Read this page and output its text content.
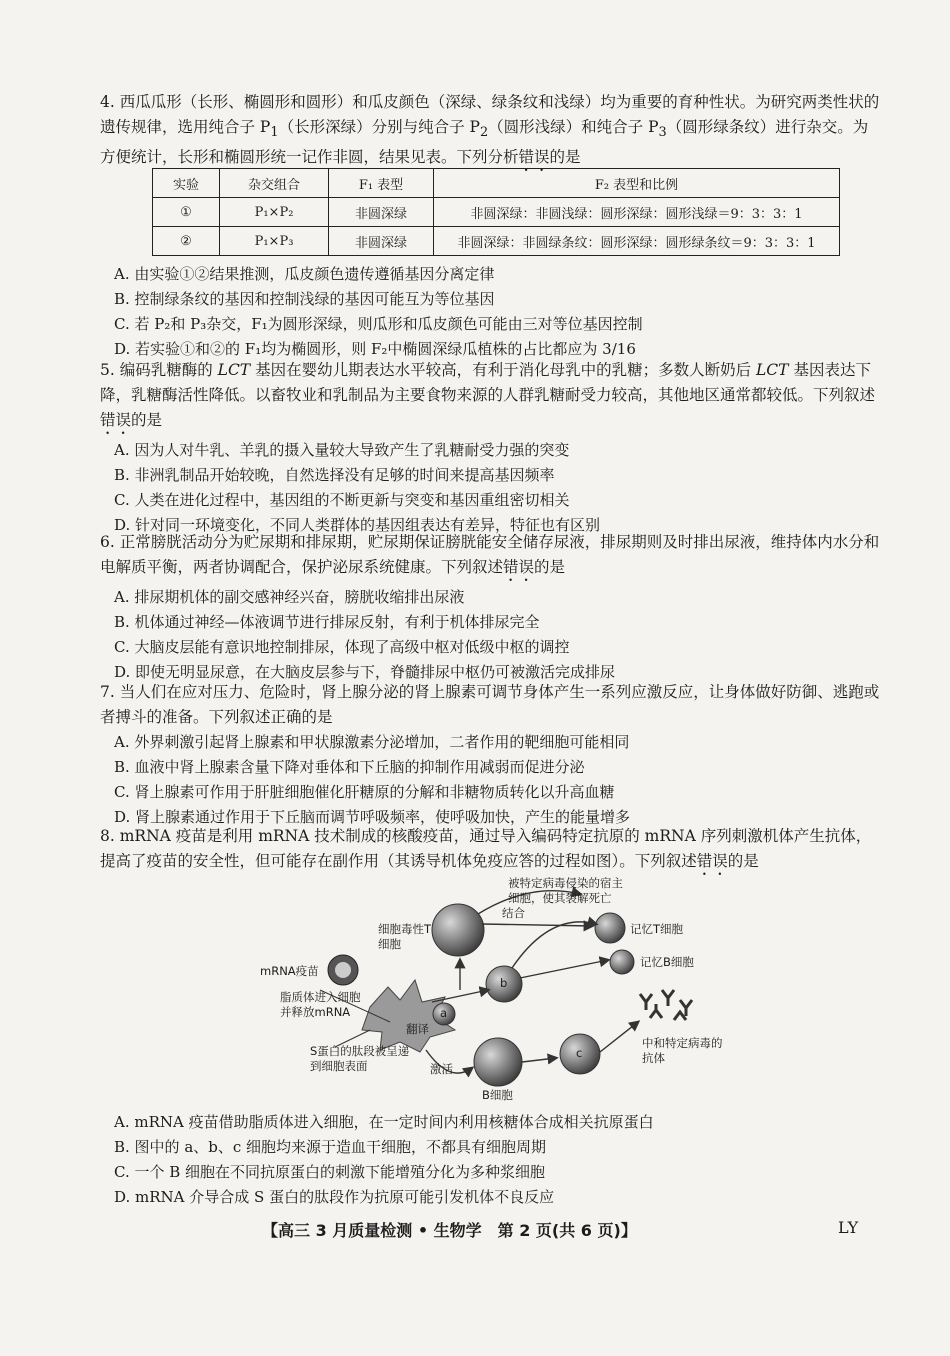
4. 西瓜瓜形（长形、椭圆形和圆形）和瓜皮颜色（深绿、绿条纹和浅绿）均为重要的育种性状。为研究两类性状的遗传规律，选用纯合子 $P_1$（长形深绿）分别与纯合子 $P_2$（圆形浅绿）和纯合子 $P_3$（圆形绿条纹）进行杂交。为方便统计，长形和椭圆形统一记作非圆，结果见表。下列分析错误的是

实验	杂交组合	F₁ 表型	F₂ 表型和比例
①	P₁×P₂	非圆深绿	非圆深绿：非圆浅绿：圆形深绿：圆形浅绿＝9：3：3：1
②	P₁×P₃	非圆深绿	非圆深绿：非圆绿条纹：圆形深绿：圆形绿条纹＝9：3：3：1

A. 由实验①②结果推测，瓜皮颜色遗传遵循基因分离定律

B. 控制绿条纹的基因和控制浅绿的基因可能互为等位基因

C. 若 P₂和 P₃杂交，F₁为圆形深绿，则瓜形和瓜皮颜色可能由三对等位基因控制

D. 若实验①和②的 F₁均为椭圆形，则 F₂中椭圆深绿瓜植株的占比都应为 3/16

5. 编码乳糖酶的 LCT 基因在婴幼儿期表达水平较高，有利于消化母乳中的乳糖；多数人断奶后 LCT 基因表达下降，乳糖酶活性降低。以畜牧业和乳制品为主要食物来源的人群乳糖耐受力较高，其他地区通常都较低。下列叙述错误的是

A. 因为人对牛乳、羊乳的摄入量较大导致产生了乳糖耐受力强的突变

B. 非洲乳制品开始较晚，自然选择没有足够的时间来提高基因频率

C. 人类在进化过程中，基因组的不断更新与突变和基因重组密切相关

D. 针对同一环境变化，不同人类群体的基因组表达有差异，特征也有区别

6. 正常膀胱活动分为贮尿期和排尿期，贮尿期保证膀胱能安全储存尿液，排尿期则及时排出尿液，维持体内水分和电解质平衡，两者协调配合，保护泌尿系统健康。下列叙述错误的是

A. 排尿期机体的副交感神经兴奋，膀胱收缩排出尿液

B. 机体通过神经—体液调节进行排尿反射，有利于机体排尿完全

C. 大脑皮层能有意识地控制排尿，体现了高级中枢对低级中枢的调控

D. 即使无明显尿意，在大脑皮层参与下，脊髓排尿中枢仍可被激活完成排尿

7. 当人们在应对压力、危险时，肾上腺分泌的肾上腺素可调节身体产生一系列应激反应，让身体做好防御、逃跑或者搏斗的准备。下列叙述正确的是

A. 外界刺激引起肾上腺素和甲状腺激素分泌增加，二者作用的靶细胞可能相同

B. 血液中肾上腺素含量下降对垂体和下丘脑的抑制作用减弱而促进分泌

C. 肾上腺素可作用于肝脏细胞催化肝糖原的分解和非糖物质转化以升高血糖

D. 肾上腺素通过作用于下丘脑而调节呼吸频率，使呼吸加快，产生的能量增多

8. mRNA 疫苗是利用 mRNA 技术制成的核酸疫苗，通过导入编码特定抗原的 mRNA 序列刺激机体产生抗体，提高了疫苗的安全性，但可能存在副作用（其诱导机体免疫应答的过程如图）。下列叙述错误的是

被特定病毒侵染的宿主细胞，使其裂解死亡
结合
细胞毒性T细胞
记忆T细胞
记忆B细胞
mRNA疫苗
脂质体进入细胞并释放mRNA
翻译
S蛋白的肽段被呈递到细胞表面	激活
B细胞
中和特定病毒的抗体
a
b
c

A. mRNA 疫苗借助脂质体进入细胞，在一定时间内利用核糖体合成相关抗原蛋白

B. 图中的 a、b、c 细胞均来源于造血干细胞，不都具有细胞周期

C. 一个 B 细胞在不同抗原蛋白的刺激下能增殖分化为多种浆细胞

D. mRNA 介导合成 S 蛋白的肽段作为抗原可能引发机体不良反应

【高三 3 月质量检测 • 生物学　第 2 页(共 6 页)】	LY
